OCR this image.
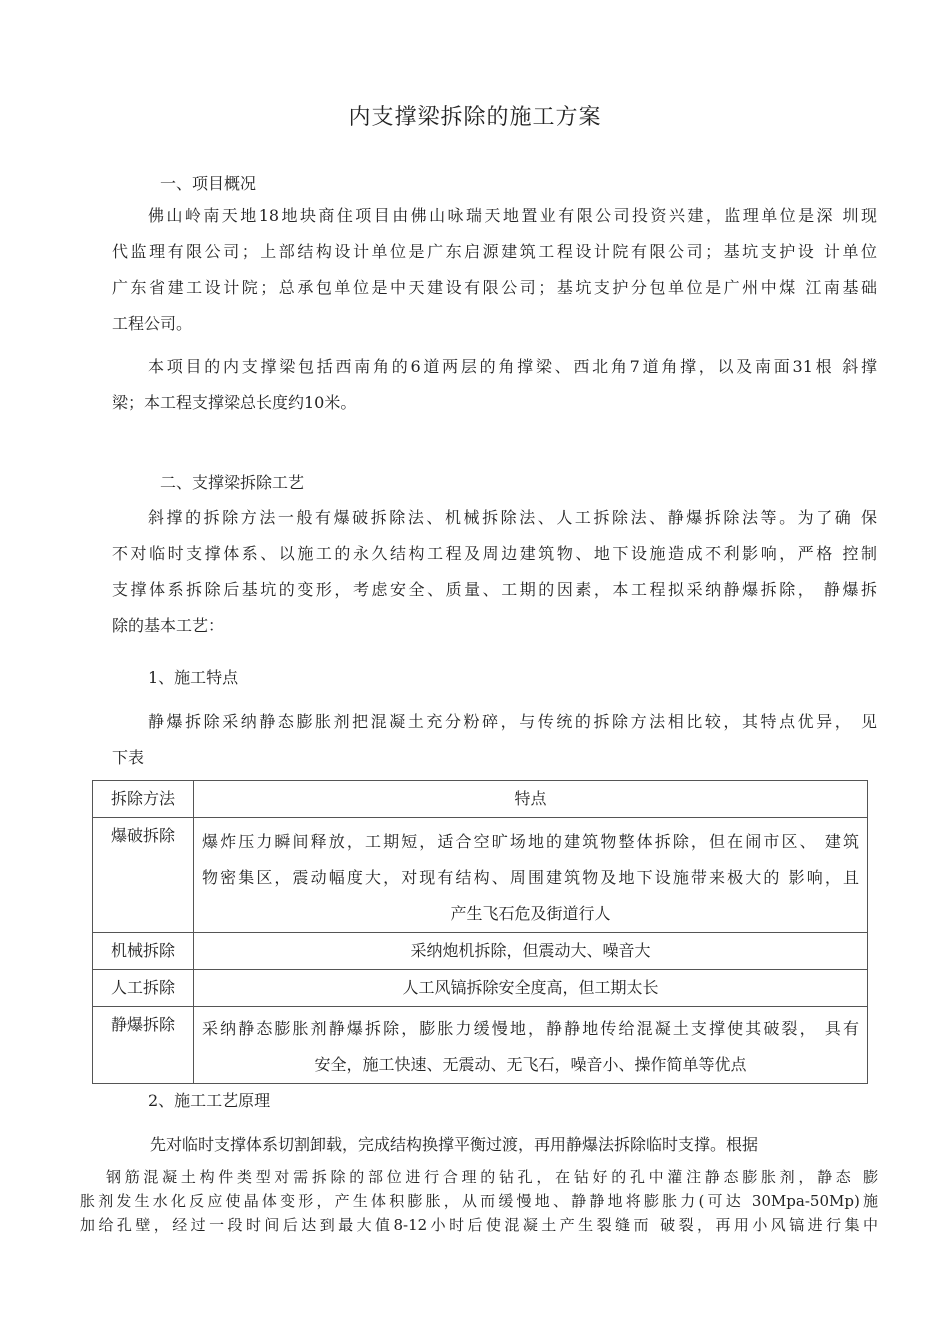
内支撑梁拆除的施工方案
一、项目概况
佛山岭南天地18地块商住项目由佛山咏瑞天地置业有限公司投资兴建，监理单位是深 圳现
代监理有限公司；上部结构设计单位是广东启源建筑工程设计院有限公司；基坑支护设 计单位
广东省建工设计院；总承包单位是中天建设有限公司；基坑支护分包单位是广州中煤 江南基础
工程公司。
本项目的内支撑梁包括西南角的6道两层的角撑梁、西北角7道角撑，以及南面31根 斜撑
梁；本工程支撑梁总长度约10米。
二、支撑梁拆除工艺
斜撑的拆除方法一般有爆破拆除法、机械拆除法、人工拆除法、静爆拆除法等。为了确 保
不对临时支撑体系、以施工的永久结构工程及周边建筑物、地下设施造成不利影响，严格 控制
支撑体系拆除后基坑的变形，考虑安全、质量、工期的因素，本工程拟采纳静爆拆除， 静爆拆
除的基本工艺：
1、施工特点
静爆拆除采纳静态膨胀剂把混凝土充分粉碎，与传统的拆除方法相比较，其特点优异， 见
下表
拆除方法	特点
爆破拆除	爆炸压力瞬间释放，工期短，适合空旷场地的建筑物整体拆除，但在闹市区、 建筑
物密集区，震动幅度大，对现有结构、周围建筑物及地下设施带来极大的 影响，且
产生飞石危及街道行人

机械拆除	采纳炮机拆除，但震动大、噪音大

人工拆除	人工风镐拆除安全度高，但工期太长

静爆拆除	采纳静态膨胀剂静爆拆除，膨胀力缓慢地，静静地传给混凝土支撑使其破裂， 具有
安全，施工快速、无震动、无飞石，噪音小、操作简单等优点
2、施工工艺原理
先对临时支撑体系切割卸载，完成结构换撑平衡过渡，再用静爆法拆除临时支撑。根据
钢筋混凝土构件类型对需拆除的部位进行合理的钻孔，在钻好的孔中灌注静态膨胀剂，静态 膨
胀剂发生水化反应使晶体变形，产生体积膨胀，从而缓慢地、静静地将膨胀力(可达 30Mpa-50Mp)施
加给孔壁，经过一段时间后达到最大值8-12小时后使混凝土产生裂缝而 破裂，再用小风镐进行集中
